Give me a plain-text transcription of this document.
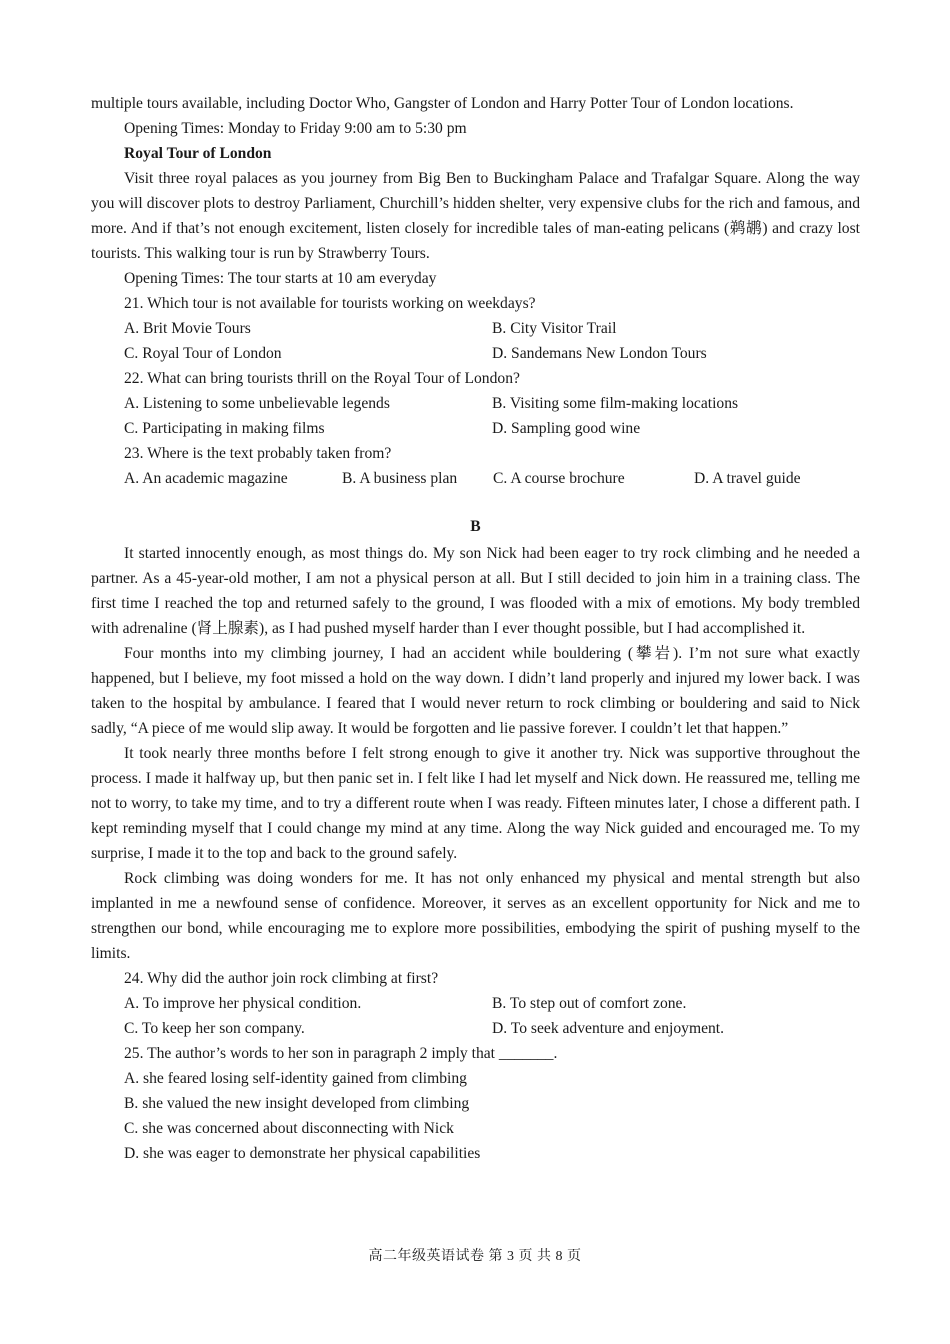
multiple tours available, including Doctor Who, Gangster of London and Harry Potter Tour of London locations.

Opening Times: Monday to Friday 9:00 am to 5:30 pm

Royal Tour of London

Visit three royal palaces as you journey from Big Ben to Buckingham Palace and Trafalgar Square. Along the way you will discover plots to destroy Parliament, Churchill’s hidden shelter, very expensive clubs for the rich and famous, and more. And if that’s not enough excitement, listen closely for incredible tales of man-eating pelicans (鹈鹕) and crazy lost tourists. This walking tour is run by Strawberry Tours.

Opening Times: The tour starts at 10 am everyday

21. Which tour is not available for tourists working on weekdays?

A. Brit Movie Tours	B. City Visitor Trail

C. Royal Tour of London	D. Sandemans New London Tours

22. What can bring tourists thrill on the Royal Tour of London?

A. Listening to some unbelievable legends	B. Visiting some film-making locations

C. Participating in making films	D. Sampling good wine

23. Where is the text probably taken from?

A. An academic magazine	B. A business plan	C. A course brochure	D. A travel guide

B

It started innocently enough, as most things do. My son Nick had been eager to try rock climbing and he needed a partner. As a 45-year-old mother, I am not a physical person at all. But I still decided to join him in a training class. The first time I reached the top and returned safely to the ground, I was flooded with a mix of emotions. My body trembled with adrenaline (肾上腺素), as I had pushed myself harder than I ever thought possible, but I had accomplished it.

Four months into my climbing journey, I had an accident while bouldering (攀岩). I’m not sure what exactly happened, but I believe, my foot missed a hold on the way down. I didn’t land properly and injured my lower back. I was taken to the hospital by ambulance. I feared that I would never return to rock climbing or bouldering and said to Nick sadly, “A piece of me would slip away. It would be forgotten and lie passive forever. I couldn’t let that happen.”

It took nearly three months before I felt strong enough to give it another try. Nick was supportive throughout the process. I made it halfway up, but then panic set in. I felt like I had let myself and Nick down. He reassured me, telling me not to worry, to take my time, and to try a different route when I was ready. Fifteen minutes later, I chose a different path. I kept reminding myself that I could change my mind at any time. Along the way Nick guided and encouraged me. To my surprise, I made it to the top and back to the ground safely.

Rock climbing was doing wonders for me. It has not only enhanced my physical and mental strength but also implanted in me a newfound sense of confidence. Moreover, it serves as an excellent opportunity for Nick and me to strengthen our bond, while encouraging me to explore more possibilities, embodying the spirit of pushing myself to the limits.

24. Why did the author join rock climbing at first?

A. To improve her physical condition.	B. To step out of comfort zone.

C. To keep her son company.	D. To seek adventure and enjoyment.

25. The author’s words to her son in paragraph 2 imply that _______.

A. she feared losing self-identity gained from climbing

B. she valued the new insight developed from climbing

C. she was concerned about disconnecting with Nick

D. she was eager to demonstrate her physical capabilities

高二年级英语试卷 第 3 页 共 8 页
